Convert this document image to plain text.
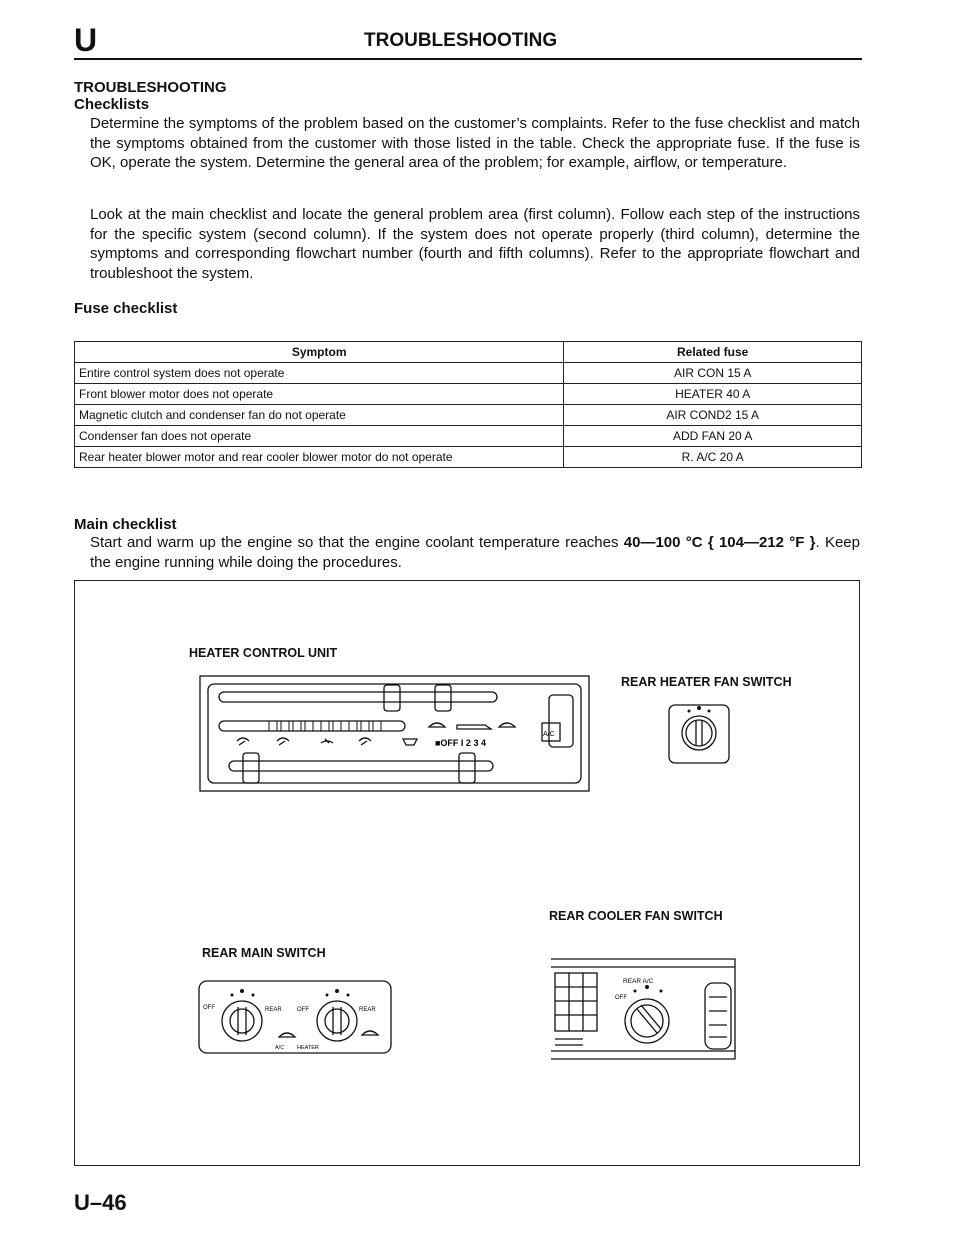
U	TROUBLESHOOTING
TROUBLESHOOTING
Checklists
Determine the symptoms of the problem based on the customer’s complaints. Refer to the fuse checklist and match the symptoms obtained from the customer with those listed in the table. Check the appropriate fuse. If the fuse is OK, operate the system. Determine the general area of the problem; for example, airflow, or temperature.
Look at the main checklist and locate the general problem area (first column). Follow each step of the instructions for the specific system (second column). If the system does not operate properly (third column), determine the symptoms and corresponding flowchart number (fourth and fifth columns). Refer to the appropriate flowchart and troubleshoot the system.
Fuse checklist
Symptom	Related fuse
Entire control system does not operate	AIR CON 15 A
Front blower motor does not operate	HEATER 40 A
Magnetic clutch and condenser fan do not operate	AIR COND2 15 A
Condenser fan does not operate	ADD FAN 20 A
Rear heater blower motor and rear cooler blower motor do not operate	R. A/C 20 A
Main checklist
Start and warm up the engine so that the engine coolant temperature reaches 40—100 °C { 104—212 °F }. Keep the engine running while doing the procedures.
HEATER CONTROL UNIT
REAR HEATER FAN SWITCH
REAR COOLER FAN SWITCH
REAR MAIN SWITCH
■OFF I 2 3 4
A/C
OFF	REAR	OFF	REAR
A/C HEATER
REAR A/C
OFF
U–46
